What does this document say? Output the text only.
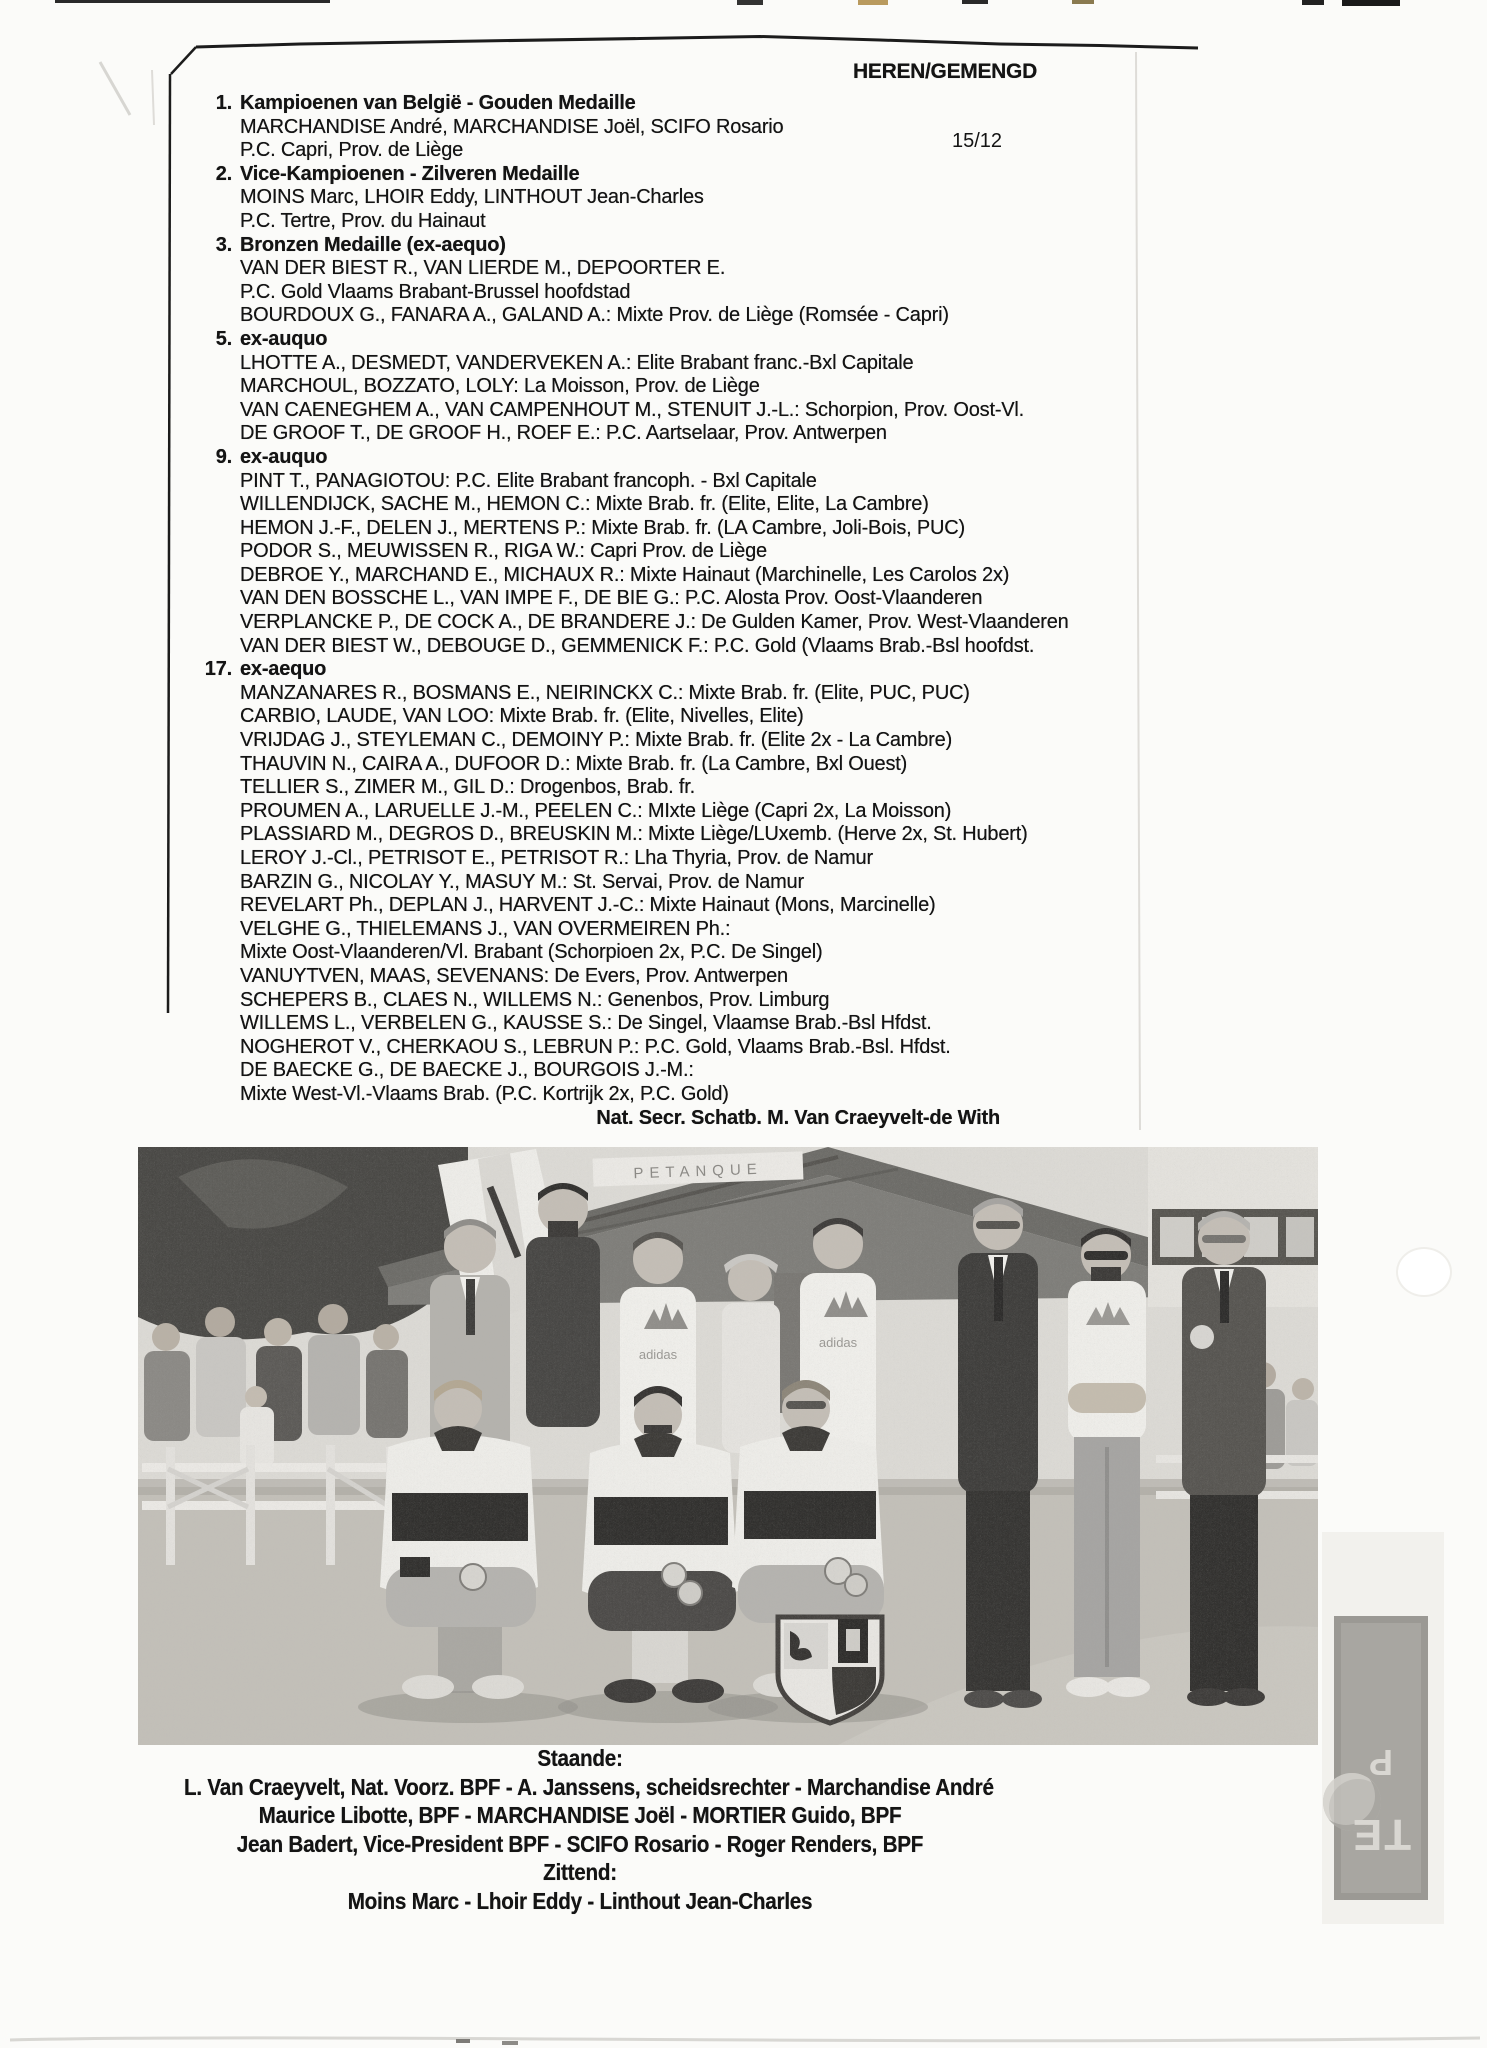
HEREN/GEMENGD
15/12
1. Kampioenen van België - Gouden Medaille
MARCHANDISE André, MARCHANDISE Joël, SCIFO Rosario
P.C. Capri, Prov. de Liège
2. Vice-Kampioenen - Zilveren Medaille
MOINS Marc, LHOIR Eddy, LINTHOUT Jean-Charles
P.C. Tertre, Prov. du Hainaut
3. Bronzen Medaille (ex-aequo)
VAN DER BIEST R., VAN LIERDE M., DEPOORTER E.
P.C. Gold Vlaams Brabant-Brussel hoofdstad
BOURDOUX G., FANARA A., GALAND A.: Mixte Prov. de Liège (Romsée - Capri)
5. ex-auquo
LHOTTE A., DESMEDT, VANDERVEKEN A.: Elite Brabant franc.-Bxl Capitale
MARCHOUL, BOZZATO, LOLY: La Moisson, Prov. de Liège
VAN CAENEGHEM A., VAN CAMPENHOUT M., STENUIT J.-L.: Schorpion, Prov. Oost-Vl.
DE GROOF T., DE GROOF H., ROEF E.: P.C. Aartselaar, Prov. Antwerpen
9. ex-auquo
PINT T., PANAGIOTOU: P.C. Elite Brabant francoph. - Bxl Capitale
WILLENDIJCK, SACHE M., HEMON C.: Mixte Brab. fr. (Elite, Elite, La Cambre)
HEMON J.-F., DELEN J., MERTENS P.: Mixte Brab. fr. (LA Cambre, Joli-Bois, PUC)
PODOR S., MEUWISSEN R., RIGA W.: Capri Prov. de Liège
DEBROE Y., MARCHAND E., MICHAUX R.: Mixte Hainaut (Marchinelle, Les Carolos 2x)
VAN DEN BOSSCHE L., VAN IMPE F., DE BIE G.: P.C. Alosta Prov. Oost-Vlaanderen
VERPLANCKE P., DE COCK A., DE BRANDERE J.: De Gulden Kamer, Prov. West-Vlaanderen
VAN DER BIEST W., DEBOUGE D., GEMMENICK F.: P.C. Gold (Vlaams Brab.-Bsl hoofdst.
17. ex-aequo
MANZANARES R., BOSMANS E., NEIRINCKX C.: Mixte Brab. fr. (Elite, PUC, PUC)
CARBIO, LAUDE, VAN LOO: Mixte Brab. fr. (Elite, Nivelles, Elite)
VRIJDAG J., STEYLEMAN C., DEMOINY P.: Mixte Brab. fr. (Elite 2x - La Cambre)
THAUVIN N., CAIRA A., DUFOOR D.: Mixte Brab. fr. (La Cambre, Bxl Ouest)
TELLIER S., ZIMER M., GIL D.: Drogenbos, Brab. fr.
PROUMEN A., LARUELLE J.-M., PEELEN C.: MIxte Liège (Capri 2x, La Moisson)
PLASSIARD M., DEGROS D., BREUSKIN M.: Mixte Liège/LUxemb. (Herve 2x, St. Hubert)
LEROY J.-Cl., PETRISOT E., PETRISOT R.: Lha Thyria, Prov. de Namur
BARZIN G., NICOLAY Y., MASUY M.: St. Servai, Prov. de Namur
REVELART Ph., DEPLAN J., HARVENT J.-C.: Mixte Hainaut (Mons, Marcinelle)
VELGHE G., THIELEMANS J., VAN OVERMEIREN Ph.:
Mixte Oost-Vlaanderen/Vl. Brabant (Schorpioen 2x, P.C. De Singel)
VANUYTVEN, MAAS, SEVENANS: De Evers, Prov. Antwerpen
SCHEPERS B., CLAES N., WILLEMS N.: Genenbos, Prov. Limburg
WILLEMS L., VERBELEN G., KAUSSE S.: De Singel, Vlaamse Brab.-Bsl Hfdst.
NOGHEROT V., CHERKAOU S., LEBRUN P.: P.C. Gold, Vlaams Brab.-Bsl. Hfdst.
DE BAECKE G., DE BAECKE J., BOURGOIS J.-M.:
Mixte West-Vl.-Vlaams Brab. (P.C. Kortrijk 2x, P.C. Gold)
Nat. Secr. Schatb. M. Van Craeyvelt-de With
Staande:
L. Van Craeyvelt, Nat. Voorz. BPF - A. Janssens, scheidsrechter - Marchandise André
Maurice Libotte, BPF - MARCHANDISE Joël - MORTIER Guido, BPF
Jean Badert, Vice-President BPF - SCIFO Rosario - Roger Renders, BPF
Zittend:
Moins Marc - Lhoir Eddy - Linthout Jean-Charles
P
TE
